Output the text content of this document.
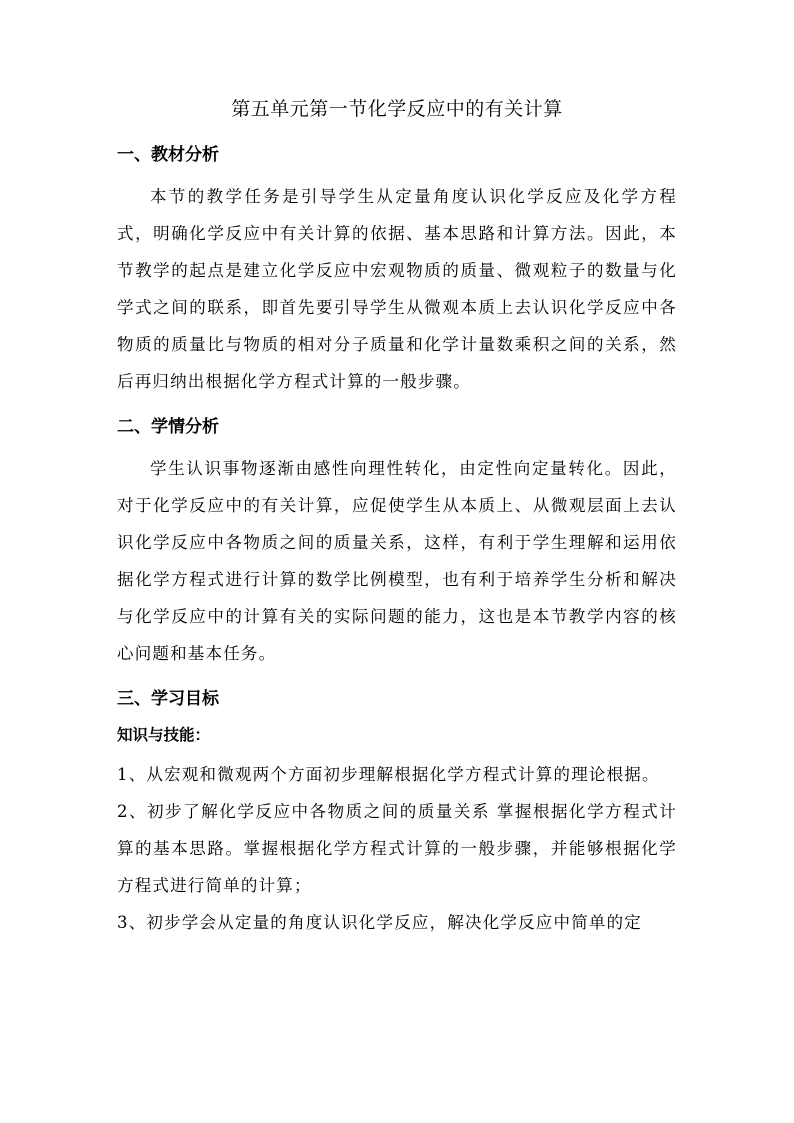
第五单元第一节化学反应中的有关计算
一、教材分析

本节的教学任务是引导学生从定量角度认识化学反应及化学方程式，明确化学反应中有关计算的依据、基本思路和计算方法。因此，本节教学的起点是建立化学反应中宏观物质的质量、微观粒子的数量与化学式之间的联系，即首先要引导学生从微观本质上去认识化学反应中各物质的质量比与物质的相对分子质量和化学计量数乘积之间的关系，然后再归纳出根据化学方程式计算的一般步骤。

二、学情分析

学生认识事物逐渐由感性向理性转化，由定性向定量转化。因此，对于化学反应中的有关计算，应促使学生从本质上、从微观层面上去认识化学反应中各物质之间的质量关系，这样，有利于学生理解和运用依据化学方程式进行计算的数学比例模型，也有利于培养学生分析和解决与化学反应中的计算有关的实际问题的能力，这也是本节教学内容的核心问题和基本任务。

三、学习目标
知识与技能：

1、从宏观和微观两个方面初步理解根据化学方程式计算的理论根据。

2、初步了解化学反应中各物质之间的质量关系 掌握根据化学方程式计算的基本思路。掌握根据化学方程式计算的一般步骤，并能够根据化学方程式进行简单的计算；

3、初步学会从定量的角度认识化学反应，解决化学反应中简单的定
